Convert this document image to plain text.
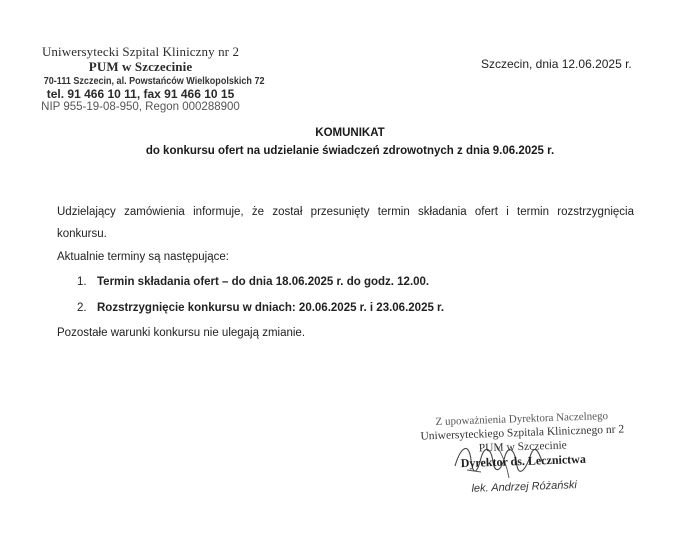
Uniwersytecki Szpital Kliniczny nr 2
PUM w Szczecinie
70-111 Szczecin, al. Powstańców Wielkopolskich 72
tel. 91 466 10 11, fax 91 466 10 15
NIP 955-19-08-950, Regon 000288900
Szczecin, dnia 12.06.2025 r.
KOMUNIKAT
do konkursu ofert na udzielanie świadczeń zdrowotnych z dnia 9.06.2025 r.

Udzielający zamówienia informuje, że został przesunięty termin składania ofert i termin rozstrzygnięcia

konkursu.

Aktualnie terminy są następujące:

1. Termin składania ofert – do dnia 18.06.2025 r. do godz. 12.00.
2. Rozstrzygnięcie konkursu w dniach: 20.06.2025 r. i 23.06.2025 r.

Pozostałe warunki konkursu nie ulegają zmianie.

Z upoważnienia Dyrektora Naczelnego
Uniwersyteckiego Szpitala Klinicznego nr 2
PUM w Szczecinie
Dyrektor ds. Lecznictwa
lek. Andrzej Różański
